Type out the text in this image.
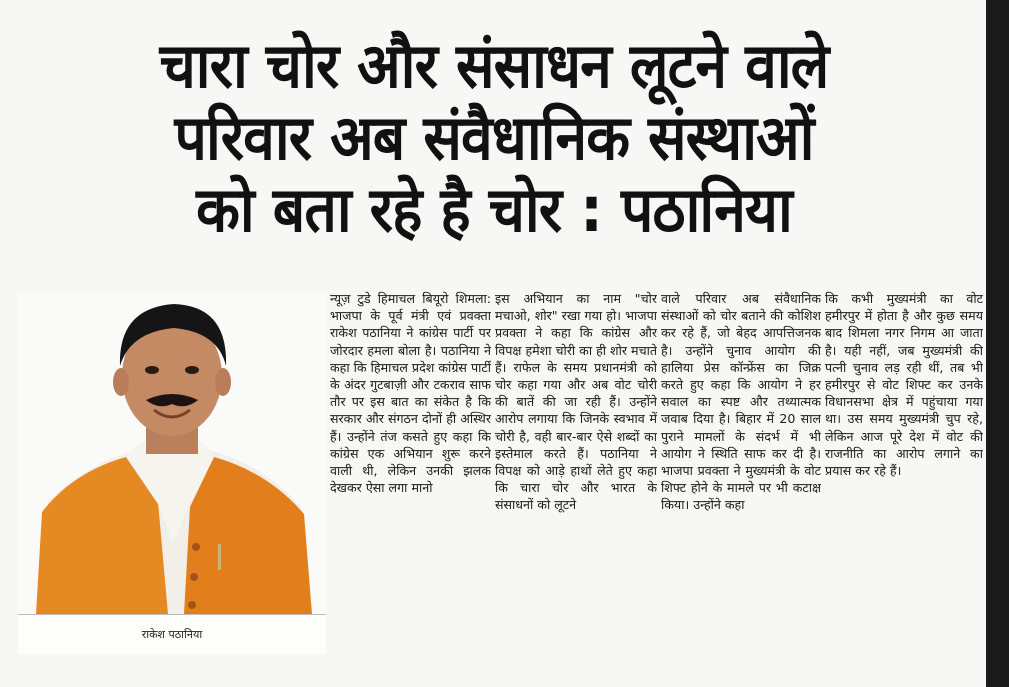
चारा चोर और संसाधन लूटने वाले
परिवार अब संवैधानिक संस्थाओं
को बता रहे है चोर : पठानिया
राकेश पठानिया

न्यूज़ टुडे हिमाचल बियूरो शिमला: भाजपा के पूर्व मंत्री एवं प्रवक्ता राकेश पठानिया ने कांग्रेस पार्टी पर जोरदार हमला बोला है। पठानिया ने कहा कि हिमाचल प्रदेश कांग्रेस पार्टी के अंदर गुटबाज़ी और टकराव साफ तौर पर इस बात का संकेत है कि सरकार और संगठन दोनों ही अस्थिर हैं। उन्होंने तंज कसते हुए कहा कि कांग्रेस एक अभियान शुरू करने वाली थी, लेकिन उनकी झलक देखकर ऐसा लगा मानो

इस अभियान का नाम "चोर मचाओ, शोर" रखा गया हो। भाजपा प्रवक्ता ने कहा कि कांग्रेस और विपक्ष हमेशा चोरी का ही शोर मचाते हैं। राफेल के समय प्रधानमंत्री को चोर कहा गया और अब वोट चोरी की बातें की जा रही हैं। उन्होंने आरोप लगाया कि जिनके स्वभाव में चोरी है, वही बार-बार ऐसे शब्दों का इस्तेमाल करते हैं। पठानिया ने विपक्ष को आड़े हाथों लेते हुए कहा कि चारा चोर और भारत के संसाधनों को लूटने

वाले परिवार अब संवैधानिक संस्थाओं को चोर बताने की कोशिश कर रहे हैं, जो बेहद आपत्तिजनक है। उन्होंने चुनाव आयोग की हालिया प्रेस कॉन्फ्रेंस का जिक्र करते हुए कहा कि आयोग ने हर सवाल का स्पष्ट और तथ्यात्मक जवाब दिया है। बिहार में 20 साल पुराने मामलों के संदर्भ में भी आयोग ने स्थिति साफ कर दी है। भाजपा प्रवक्ता ने मुख्यमंत्री के वोट शिफ्ट होने के मामले पर भी कटाक्ष किया। उन्होंने कहा

कि कभी मुख्यमंत्री का वोट हमीरपुर में होता है और कुछ समय बाद शिमला नगर निगम आ जाता है। यही नहीं, जब मुख्यमंत्री की पत्नी चुनाव लड़ रही थीं, तब भी हमीरपुर से वोट शिफ्ट कर उनके विधानसभा क्षेत्र में पहुंचाया गया था। उस समय मुख्यमंत्री चुप रहे, लेकिन आज पूरे देश में वोट की राजनीति का आरोप लगाने का प्रयास कर रहे हैं।
